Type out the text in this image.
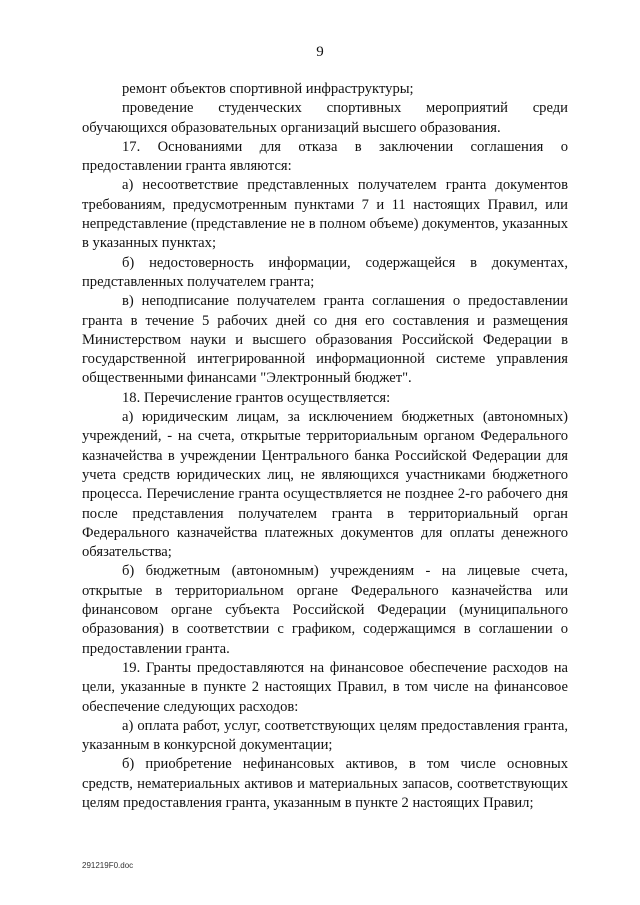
9

ремонт объектов спортивной инфраструктуры;

проведение студенческих спортивных мероприятий среди обучающихся образовательных организаций высшего образования.

17. Основаниями для отказа в заключении соглашения о предоставлении гранта являются:

а) несоответствие представленных получателем гранта документов требованиям, предусмотренным пунктами 7 и 11 настоящих Правил, или непредставление (представление не в полном объеме) документов, указанных в указанных пунктах;

б) недостоверность информации, содержащейся в документах, представленных получателем гранта;

в) неподписание получателем гранта соглашения о предоставлении гранта в течение 5 рабочих дней со дня его составления и размещения Министерством науки и высшего образования Российской Федерации в государственной интегрированной информационной системе управления общественными финансами "Электронный бюджет".

18. Перечисление грантов осуществляется:

а) юридическим лицам, за исключением бюджетных (автономных) учреждений, - на счета, открытые территориальным органом Федерального казначейства в учреждении Центрального банка Российской Федерации для учета средств юридических лиц, не являющихся участниками бюджетного процесса. Перечисление гранта осуществляется не позднее 2-го рабочего дня после представления получателем гранта в территориальный орган Федерального казначейства платежных документов для оплаты денежного обязательства;

б) бюджетным (автономным) учреждениям - на лицевые счета, открытые в территориальном органе Федерального казначейства или финансовом органе субъекта Российской Федерации (муниципального образования) в соответствии с графиком, содержащимся в соглашении о предоставлении гранта.

19. Гранты предоставляются на финансовое обеспечение расходов на цели, указанные в пункте 2 настоящих Правил, в том числе на финансовое обеспечение следующих расходов:

а) оплата работ, услуг, соответствующих целям предоставления гранта, указанным в конкурсной документации;

б) приобретение нефинансовых активов, в том числе основных средств, нематериальных активов и материальных запасов, соответствующих целям предоставления гранта, указанным в пункте 2 настоящих Правил;

291219F0.doc
